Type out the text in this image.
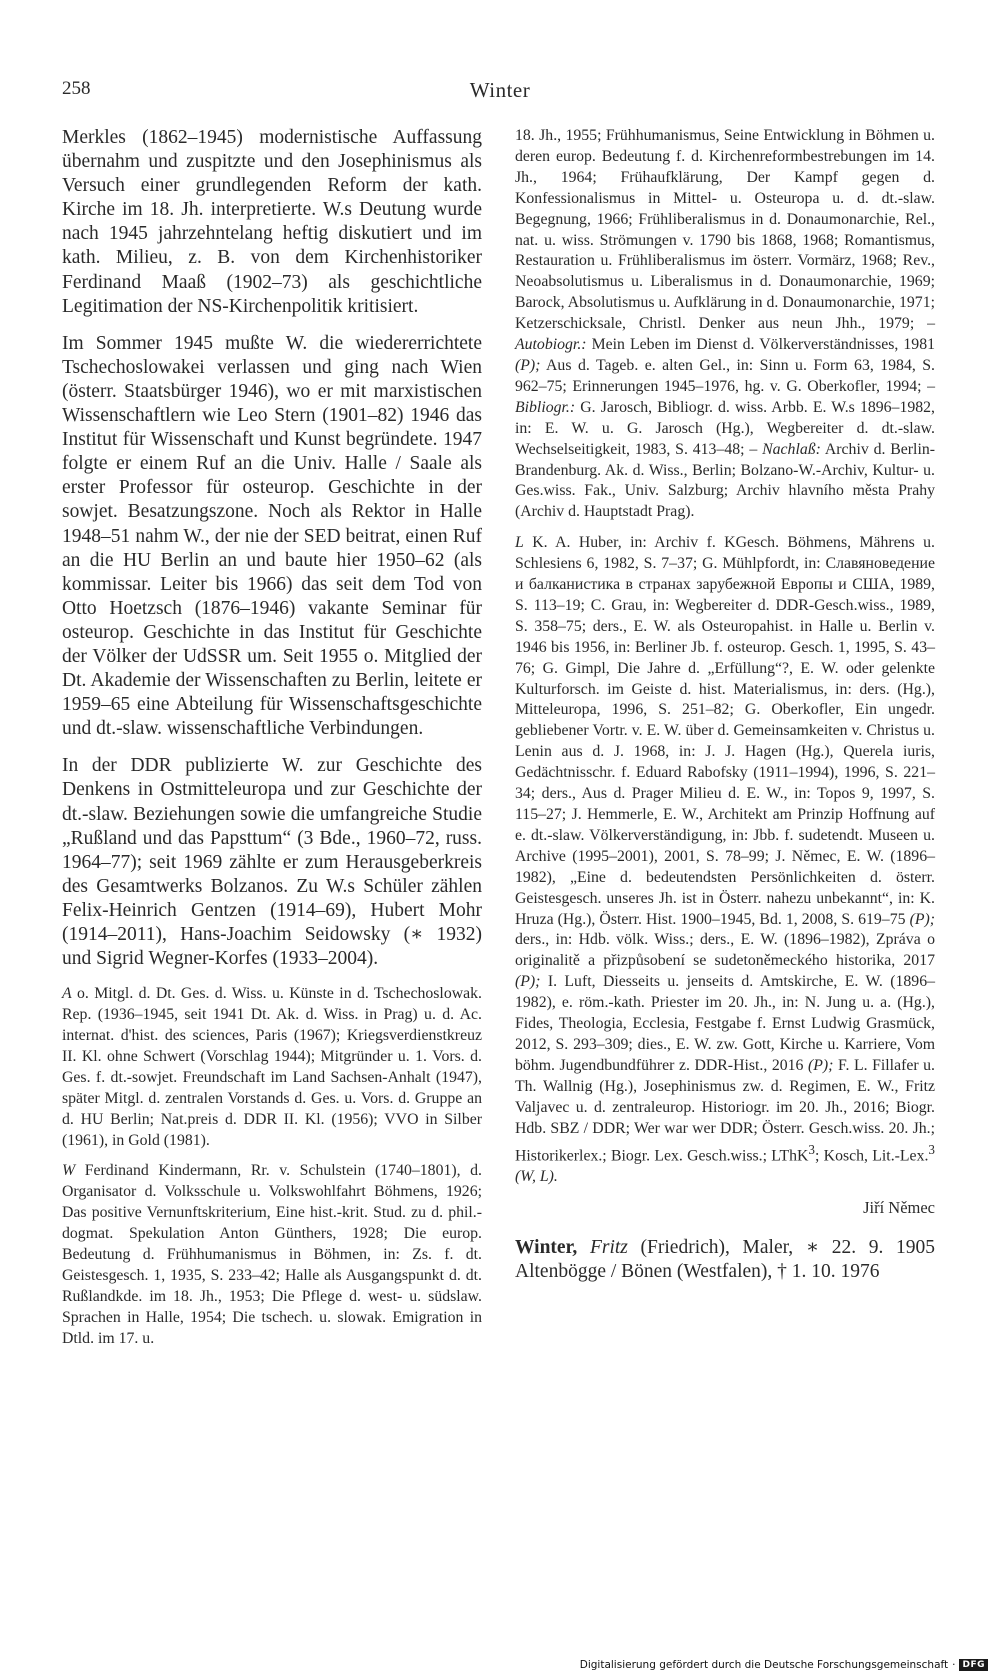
258	Winter

Merkles (1862–1945) modernistische Auffassung übernahm und zuspitzte und den Josephinismus als Versuch einer grundlegenden Reform der kath. Kirche im 18. Jh. interpretierte. W.s Deutung wurde nach 1945 jahrzehntelang heftig diskutiert und im kath. Milieu, z. B. von dem Kirchenhistoriker Ferdinand Maaß (1902–73) als geschichtliche Legitimation der NS-Kirchenpolitik kritisiert.

Im Sommer 1945 mußte W. die wiedererrichtete Tschechoslowakei verlassen und ging nach Wien (österr. Staatsbürger 1946), wo er mit marxistischen Wissenschaftlern wie Leo Stern (1901–82) 1946 das Institut für Wissenschaft und Kunst begründete. 1947 folgte er einem Ruf an die Univ. Halle / Saale als erster Professor für osteurop. Geschichte in der sowjet. Besatzungszone. Noch als Rektor in Halle 1948–51 nahm W., der nie der SED beitrat, einen Ruf an die HU Berlin an und baute hier 1950–62 (als kommissar. Leiter bis 1966) das seit dem Tod von Otto Hoetzsch (1876–1946) vakante Seminar für osteurop. Geschichte in das Institut für Geschichte der Völker der UdSSR um. Seit 1955 o. Mitglied der Dt. Akademie der Wissenschaften zu Berlin, leitete er 1959–65 eine Abteilung für Wissenschaftsgeschichte und dt.-slaw. wissenschaftliche Verbindungen.

In der DDR publizierte W. zur Geschichte des Denkens in Ostmitteleuropa und zur Geschichte der dt.-slaw. Beziehungen sowie die umfangreiche Studie „Rußland und das Papsttum“ (3 Bde., 1960–72, russ. 1964–77); seit 1969 zählte er zum Herausgeberkreis des Gesamtwerks Bolzanos. Zu W.s Schüler zählen Felix-Heinrich Gentzen (1914–69), Hubert Mohr (1914–2011), Hans-Joachim Seidowsky (∗ 1932) und Sigrid Wegner-Korfes (1933–2004).

A o. Mitgl. d. Dt. Ges. d. Wiss. u. Künste in d. Tschechoslowak. Rep. (1936–1945, seit 1941 Dt. Ak. d. Wiss. in Prag) u. d. Ac. internat. d'hist. des sciences, Paris (1967); Kriegsverdienstkreuz II. Kl. ohne Schwert (Vorschlag 1944); Mitgründer u. 1. Vors. d. Ges. f. dt.-sowjet. Freundschaft im Land Sachsen-Anhalt (1947), später Mitgl. d. zentralen Vorstands d. Ges. u. Vors. d. Gruppe an d. HU Berlin; Nat.preis d. DDR II. Kl. (1956); VVO in Silber (1961), in Gold (1981).

W Ferdinand Kindermann, Rr. v. Schulstein (1740–1801), d. Organisator d. Volksschule u. Volkswohlfahrt Böhmens, 1926; Das positive Vernunftskriterium, Eine hist.-krit. Stud. zu d. phil.-dogmat. Spekulation Anton Günthers, 1928; Die europ. Bedeutung d. Frühhumanismus in Böhmen, in: Zs. f. dt. Geistesgesch. 1, 1935, S. 233–42; Halle als Ausgangspunkt d. dt. Rußlandkde. im 18. Jh., 1953; Die Pflege d. west- u. südslaw. Sprachen in Halle, 1954; Die tschech. u. slowak. Emigration in Dtld. im 17. u.

18. Jh., 1955; Frühhumanismus, Seine Entwicklung in Böhmen u. deren europ. Bedeutung f. d. Kirchenreformbestrebungen im 14. Jh., 1964; Frühaufklärung, Der Kampf gegen d. Konfessionalismus in Mittel- u. Osteuropa u. d. dt.-slaw. Begegnung, 1966; Frühliberalismus in d. Donaumonarchie, Rel., nat. u. wiss. Strömungen v. 1790 bis 1868, 1968; Romantismus, Restauration u. Frühliberalismus im österr. Vormärz, 1968; Rev., Neoabsolutismus u. Liberalismus in d. Donaumonarchie, 1969; Barock, Absolutismus u. Aufklärung in d. Donaumonarchie, 1971; Ketzerschicksale, Christl. Denker aus neun Jhh., 1979; – Autobiogr.: Mein Leben im Dienst d. Völkerverständnisses, 1981 (P); Aus d. Tageb. e. alten Gel., in: Sinn u. Form 63, 1984, S. 962–75; Erinnerungen 1945–1976, hg. v. G. Oberkofler, 1994; – Bibliogr.: G. Jarosch, Bibliogr. d. wiss. Arbb. E. W.s 1896–1982, in: E. W. u. G. Jarosch (Hg.), Wegbereiter d. dt.-slaw. Wechselseitigkeit, 1983, S. 413–48; – Nachlaß: Archiv d. Berlin-Brandenburg. Ak. d. Wiss., Berlin; Bolzano-W.-Archiv, Kultur- u. Ges.wiss. Fak., Univ. Salzburg; Archiv hlavního města Prahy (Archiv d. Hauptstadt Prag).

L K. A. Huber, in: Archiv f. KGesch. Böhmens, Mährens u. Schlesiens 6, 1982, S. 7–37; G. Mühlpfordt, in: Славяноведение и балканистика в странах зарубежной Европы и США, 1989, S. 113–19; C. Grau, in: Wegbereiter d. DDR-Gesch.wiss., 1989, S. 358–75; ders., E. W. als Osteuropahist. in Halle u. Berlin v. 1946 bis 1956, in: Berliner Jb. f. osteurop. Gesch. 1, 1995, S. 43–76; G. Gimpl, Die Jahre d. „Erfüllung“?, E. W. oder gelenkte Kulturforsch. im Geiste d. hist. Materialismus, in: ders. (Hg.), Mitteleuropa, 1996, S. 251–82; G. Oberkofler, Ein ungedr. gebliebener Vortr. v. E. W. über d. Gemeinsamkeiten v. Christus u. Lenin aus d. J. 1968, in: J. J. Hagen (Hg.), Querela iuris, Gedächtnisschr. f. Eduard Rabofsky (1911–1994), 1996, S. 221–34; ders., Aus d. Prager Milieu d. E. W., in: Topos 9, 1997, S. 115–27; J. Hemmerle, E. W., Architekt am Prinzip Hoffnung auf e. dt.-slaw. Völkerverständigung, in: Jbb. f. sudetendt. Museen u. Archive (1995–2001), 2001, S. 78–99; J. Němec, E. W. (1896–1982), „Eine d. bedeutendsten Persönlichkeiten d. österr. Geistesgesch. unseres Jh. ist in Österr. nahezu unbekannt“, in: K. Hruza (Hg.), Österr. Hist. 1900–1945, Bd. 1, 2008, S. 619–75 (P); ders., in: Hdb. völk. Wiss.; ders., E. W. (1896–1982), Zpráva o originalitě a přizpůsobení se sudetoněmeckého historika, 2017 (P); I. Luft, Diesseits u. jenseits d. Amtskirche, E. W. (1896–1982), e. röm.-kath. Priester im 20. Jh., in: N. Jung u. a. (Hg.), Fides, Theologia, Ecclesia, Festgabe f. Ernst Ludwig Grasmück, 2012, S. 293–309; dies., E. W. zw. Gott, Kirche u. Karriere, Vom böhm. Jugendbundführer z. DDR-Hist., 2016 (P); F. L. Fillafer u. Th. Wallnig (Hg.), Josephinismus zw. d. Regimen, E. W., Fritz Valjavec u. d. zentraleurop. Historiogr. im 20. Jh., 2016; Biogr. Hdb. SBZ / DDR; Wer war wer DDR; Österr. Gesch.wiss. 20. Jh.; Historikerlex.; Biogr. Lex. Gesch.wiss.; LThK$^3$; Kosch, Lit.-Lex.$^3$ (W, L).

Jiří Němec

Winter, Fritz (Friedrich), Maler, ∗ 22. 9. 1905 Altenbögge / Bönen (Westfalen), † 1. 10. 1976

Digitalisierung gefördert durch die Deutsche Forschungsgemeinschaft · DFG
